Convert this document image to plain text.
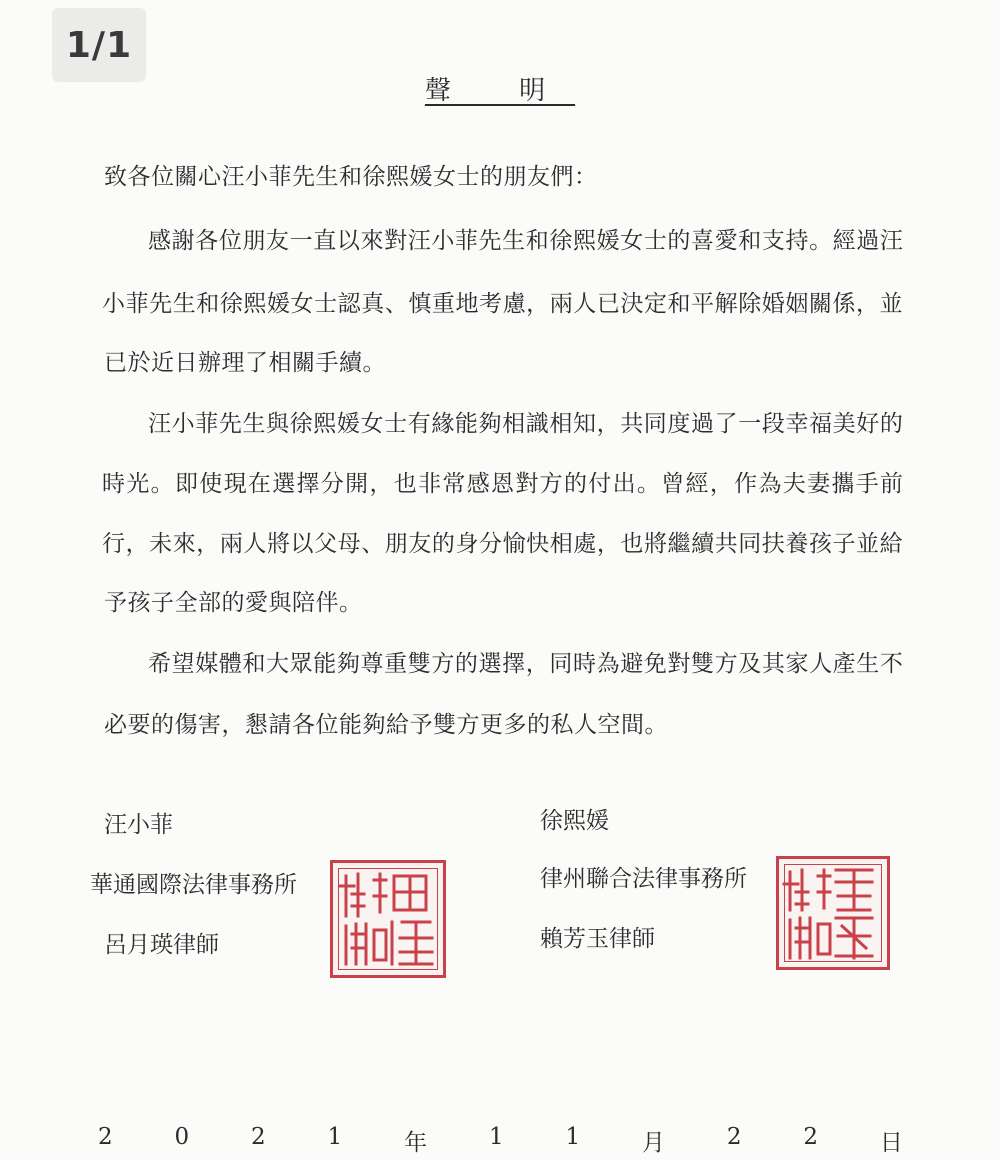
1/1
聲 明
致各位關心汪小菲先生和徐熙媛女士的朋友們：
感 謝 各 位 朋 友 一 直 以 來 對 汪 小 菲 先 生 和 徐 熙 媛 女 士 的 喜 愛 和 支 持 。 經 過 汪
小 菲 先 生 和 徐 熙 媛 女 士 認 真 、 慎 重 地 考 慮 ， 兩 人 已 決 定 和 平 解 除 婚 姻 關 係 ， 並
已於近日辦理了相關手續。
汪 小 菲 先 生 與 徐 熙 媛 女 士 有 緣 能 夠 相 識 相 知 ， 共 同 度 過 了 一 段 幸 福 美 好 的
時 光 。 即 使 現 在 選 擇 分 開 ， 也 非 常 感 恩 對 方 的 付 出 。 曾 經 ， 作 為 夫 妻 攜 手 前
行 ， 未 來 ， 兩 人 將 以 父 母 、 朋 友 的 身 分 愉 快 相 處 ， 也 將 繼 續 共 同 扶 養 孩 子 並 給
予孩子全部的愛與陪伴。
希 望 媒 體 和 大 眾 能 夠 尊 重 雙 方 的 選 擇 ， 同 時 為 避 免 對 雙 方 及 其 家 人 產 生 不
必要的傷害，懇請各位能夠給予雙方更多的私人空間。
汪小菲
華通國際法律事務所
呂月瑛律師
徐熙媛
律州聯合法律事務所
賴芳玉律師
2	0	2	1	年	1	1	月	2	2	日
